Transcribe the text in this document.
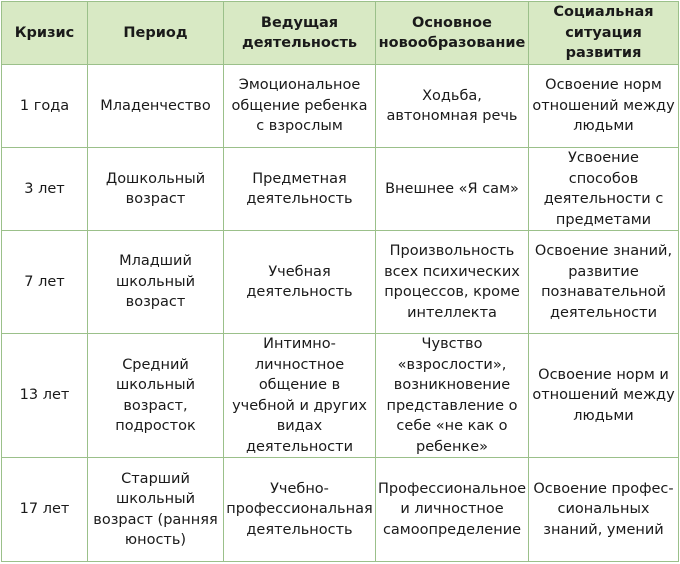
Кризис	Период	Ведущая деятельность	Основное новообразование	Социальная ситуация развития
1 года	Младенчество	Эмоциональное общение ребенка с взрослым	Ходьба, автономная речь	Освоение норм отношений между людьми
3 лет	Дошкольный возраст	Предметная деятельность	Внешнее «Я сам»	Усвоение способов деятельности с предметами
7 лет	Младший школьный возраст	Учебная деятельность	Произвольность всех психических процессов, кроме интеллекта	Освоение знаний, развитие познавательной деятельности
13 лет	Средний школьный возраст, подросток	Интимно-личностное общение в учебной и других видах деятельности	Чувство «взрослости», возникновение представление о себе «не как о ребенке»	Освоение норм и отношений между людьми
17 лет	Старший школьный возраст (ранняя юность)	Учебно-профессиональная деятельность	Профессиональное и личностное самоопределение	Освоение профес-сиональных знаний, умений
